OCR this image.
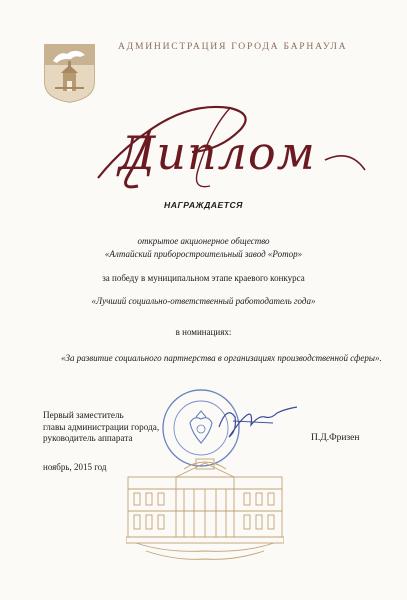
АДМИНИСТРАЦИЯ ГОРОДА БАРНАУЛА
Диплом
НАГРАЖДАЕТСЯ
открытое акционерное общество
«Алтайский приборостроительный завод «Ротор»
за победу в муниципальном этапе краевого конкурса
«Лучший социально-ответственный работодатель года»
в номинациях:
«За развитие социального партнерства в организациях производственной сферы».
Первый заместитель
главы администрации города,
руководитель аппарата	П.Д.Фризен
ноябрь, 2015 год
